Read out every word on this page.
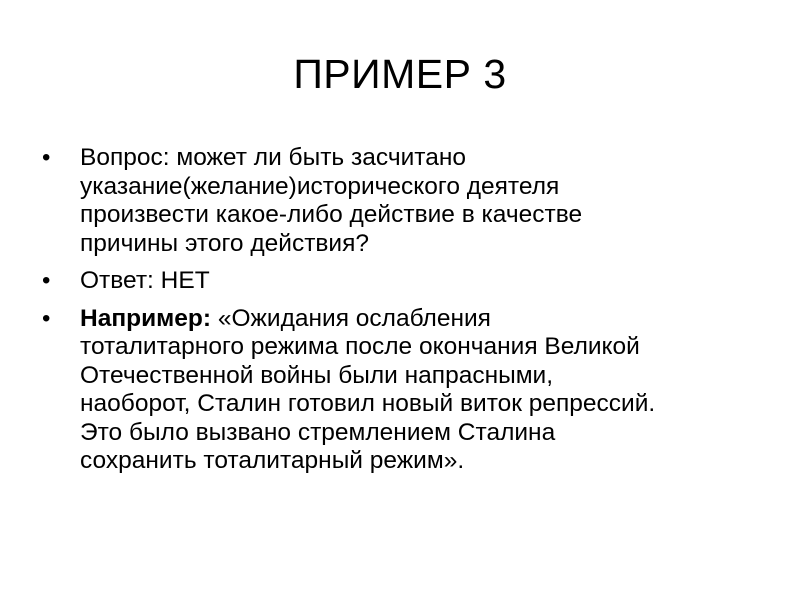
ПРИМЕР 3
•	Вопрос: может ли быть засчитано
указание(желание)исторического деятеля
произвести какое-либо действие в качестве
причины этого действия?
•	Ответ: НЕТ
•	Например: «Ожидания ослабления
тоталитарного режима после окончания Великой
Отечественной войны были напрасными,
наоборот, Сталин готовил новый виток репрессий.
Это было вызвано стремлением Сталина
сохранить тоталитарный режим».
